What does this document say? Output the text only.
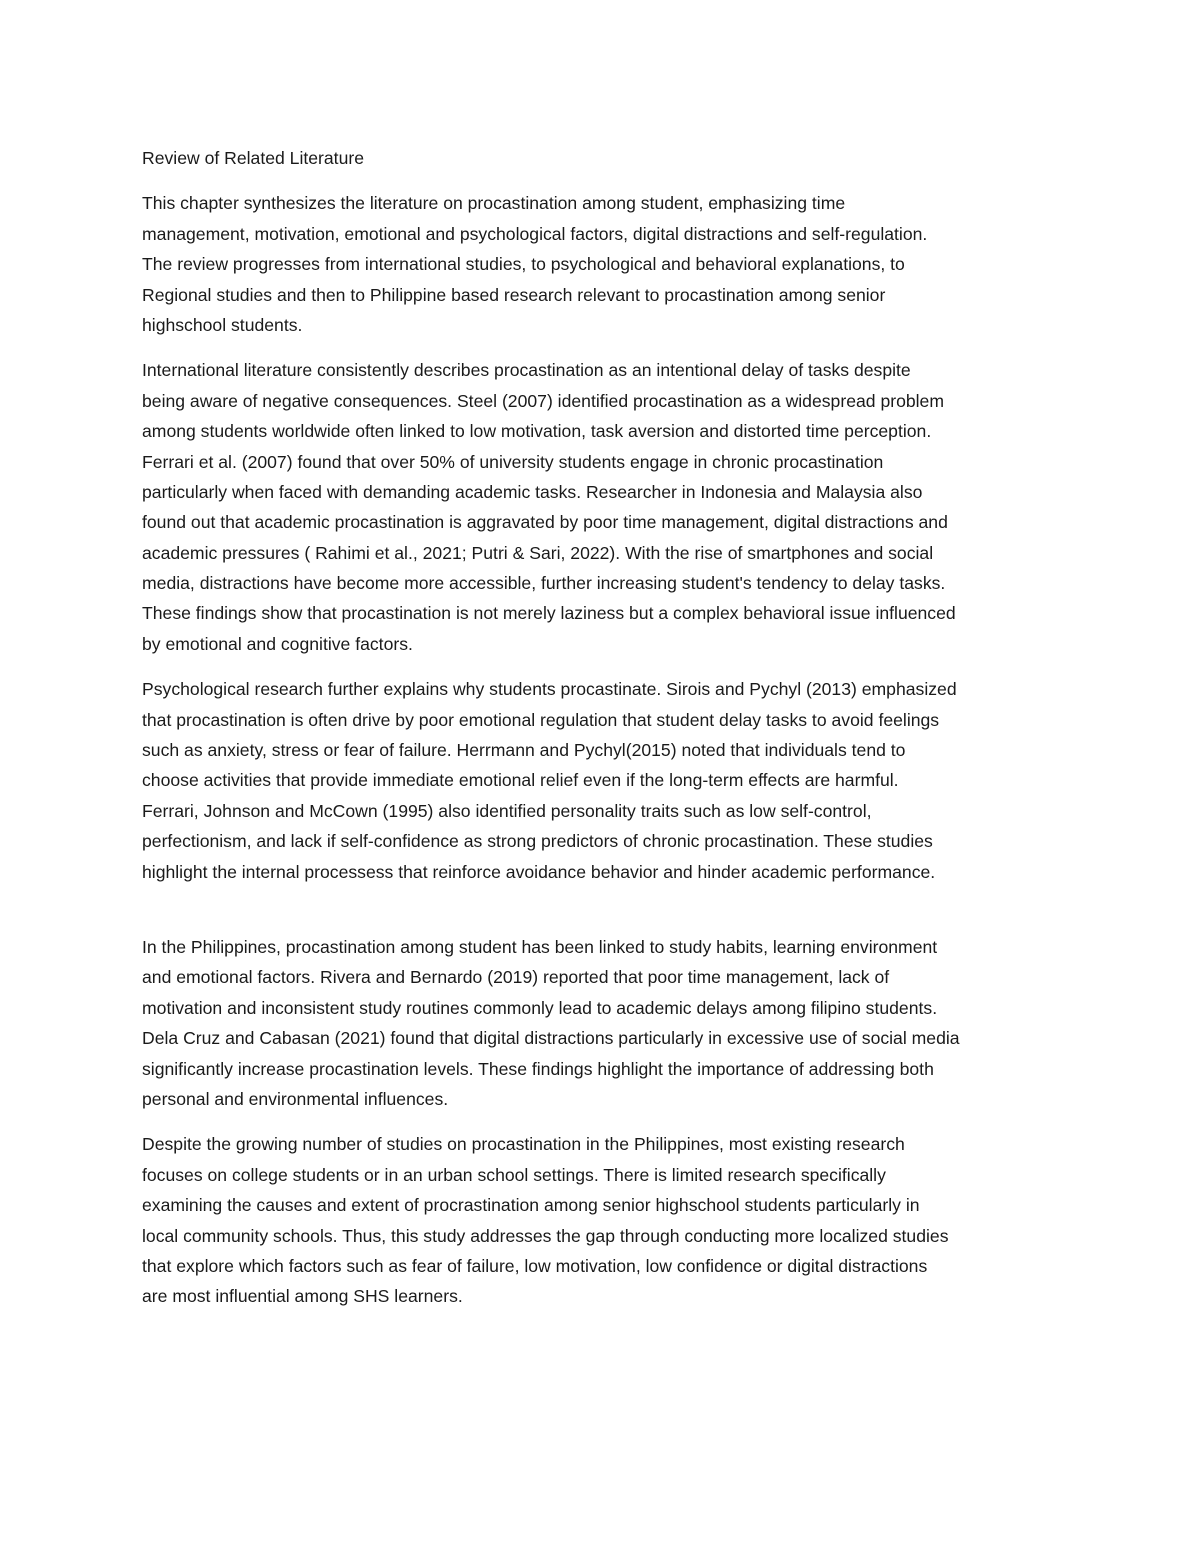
Review of Related Literature
This chapter synthesizes the literature on procastination among student, emphasizing time
management, motivation, emotional and psychological factors, digital distractions and self-regulation.
The review progresses from international studies, to psychological and behavioral explanations, to
Regional studies and then to Philippine based research relevant to procastination among senior
highschool students.
International literature consistently describes procastination as an intentional delay of tasks despite
being aware of negative consequences. Steel (2007) identified procastination as a widespread problem
among students worldwide often linked to low motivation, task aversion and distorted time perception.
Ferrari et al. (2007) found that over 50% of university students engage in chronic procastination
particularly when faced with demanding academic tasks. Researcher in Indonesia and Malaysia also
found out that academic procastination is aggravated by poor time management, digital distractions and
academic pressures ( Rahimi et al., 2021; Putri & Sari, 2022). With the rise of smartphones and social
media, distractions have become more accessible, further increasing student's tendency to delay tasks.
These findings show that procastination is not merely laziness but a complex behavioral issue influenced
by emotional and cognitive factors.
Psychological research further explains why students procastinate. Sirois and Pychyl (2013) emphasized
that procastination is often drive by poor emotional regulation that student delay tasks to avoid feelings
such as anxiety, stress or fear of failure. Herrmann and Pychyl(2015) noted that individuals tend to
choose activities that provide immediate emotional relief even if the long-term effects are harmful.
Ferrari, Johnson and McCown (1995) also identified personality traits such as low self-control,
perfectionism, and lack if self-confidence as strong predictors of chronic procastination. These studies
highlight the internal processess that reinforce avoidance behavior and hinder academic performance.
In the Philippines, procastination among student has been linked to study habits, learning environment
and emotional factors. Rivera and Bernardo (2019) reported that poor time management, lack of
motivation and inconsistent study routines commonly lead to academic delays among filipino students.
Dela Cruz and Cabasan (2021) found that digital distractions particularly in excessive use of social media
significantly increase procastination levels. These findings highlight the importance of addressing both
personal and environmental influences.
Despite the growing number of studies on procastination in the Philippines, most existing research
focuses on college students or in an urban school settings. There is limited research specifically
examining the causes and extent of procrastination among senior highschool students particularly in
local community schools. Thus, this study addresses the gap through conducting more localized studies
that explore which factors such as fear of failure, low motivation, low confidence or digital distractions
are most influential among SHS learners.
